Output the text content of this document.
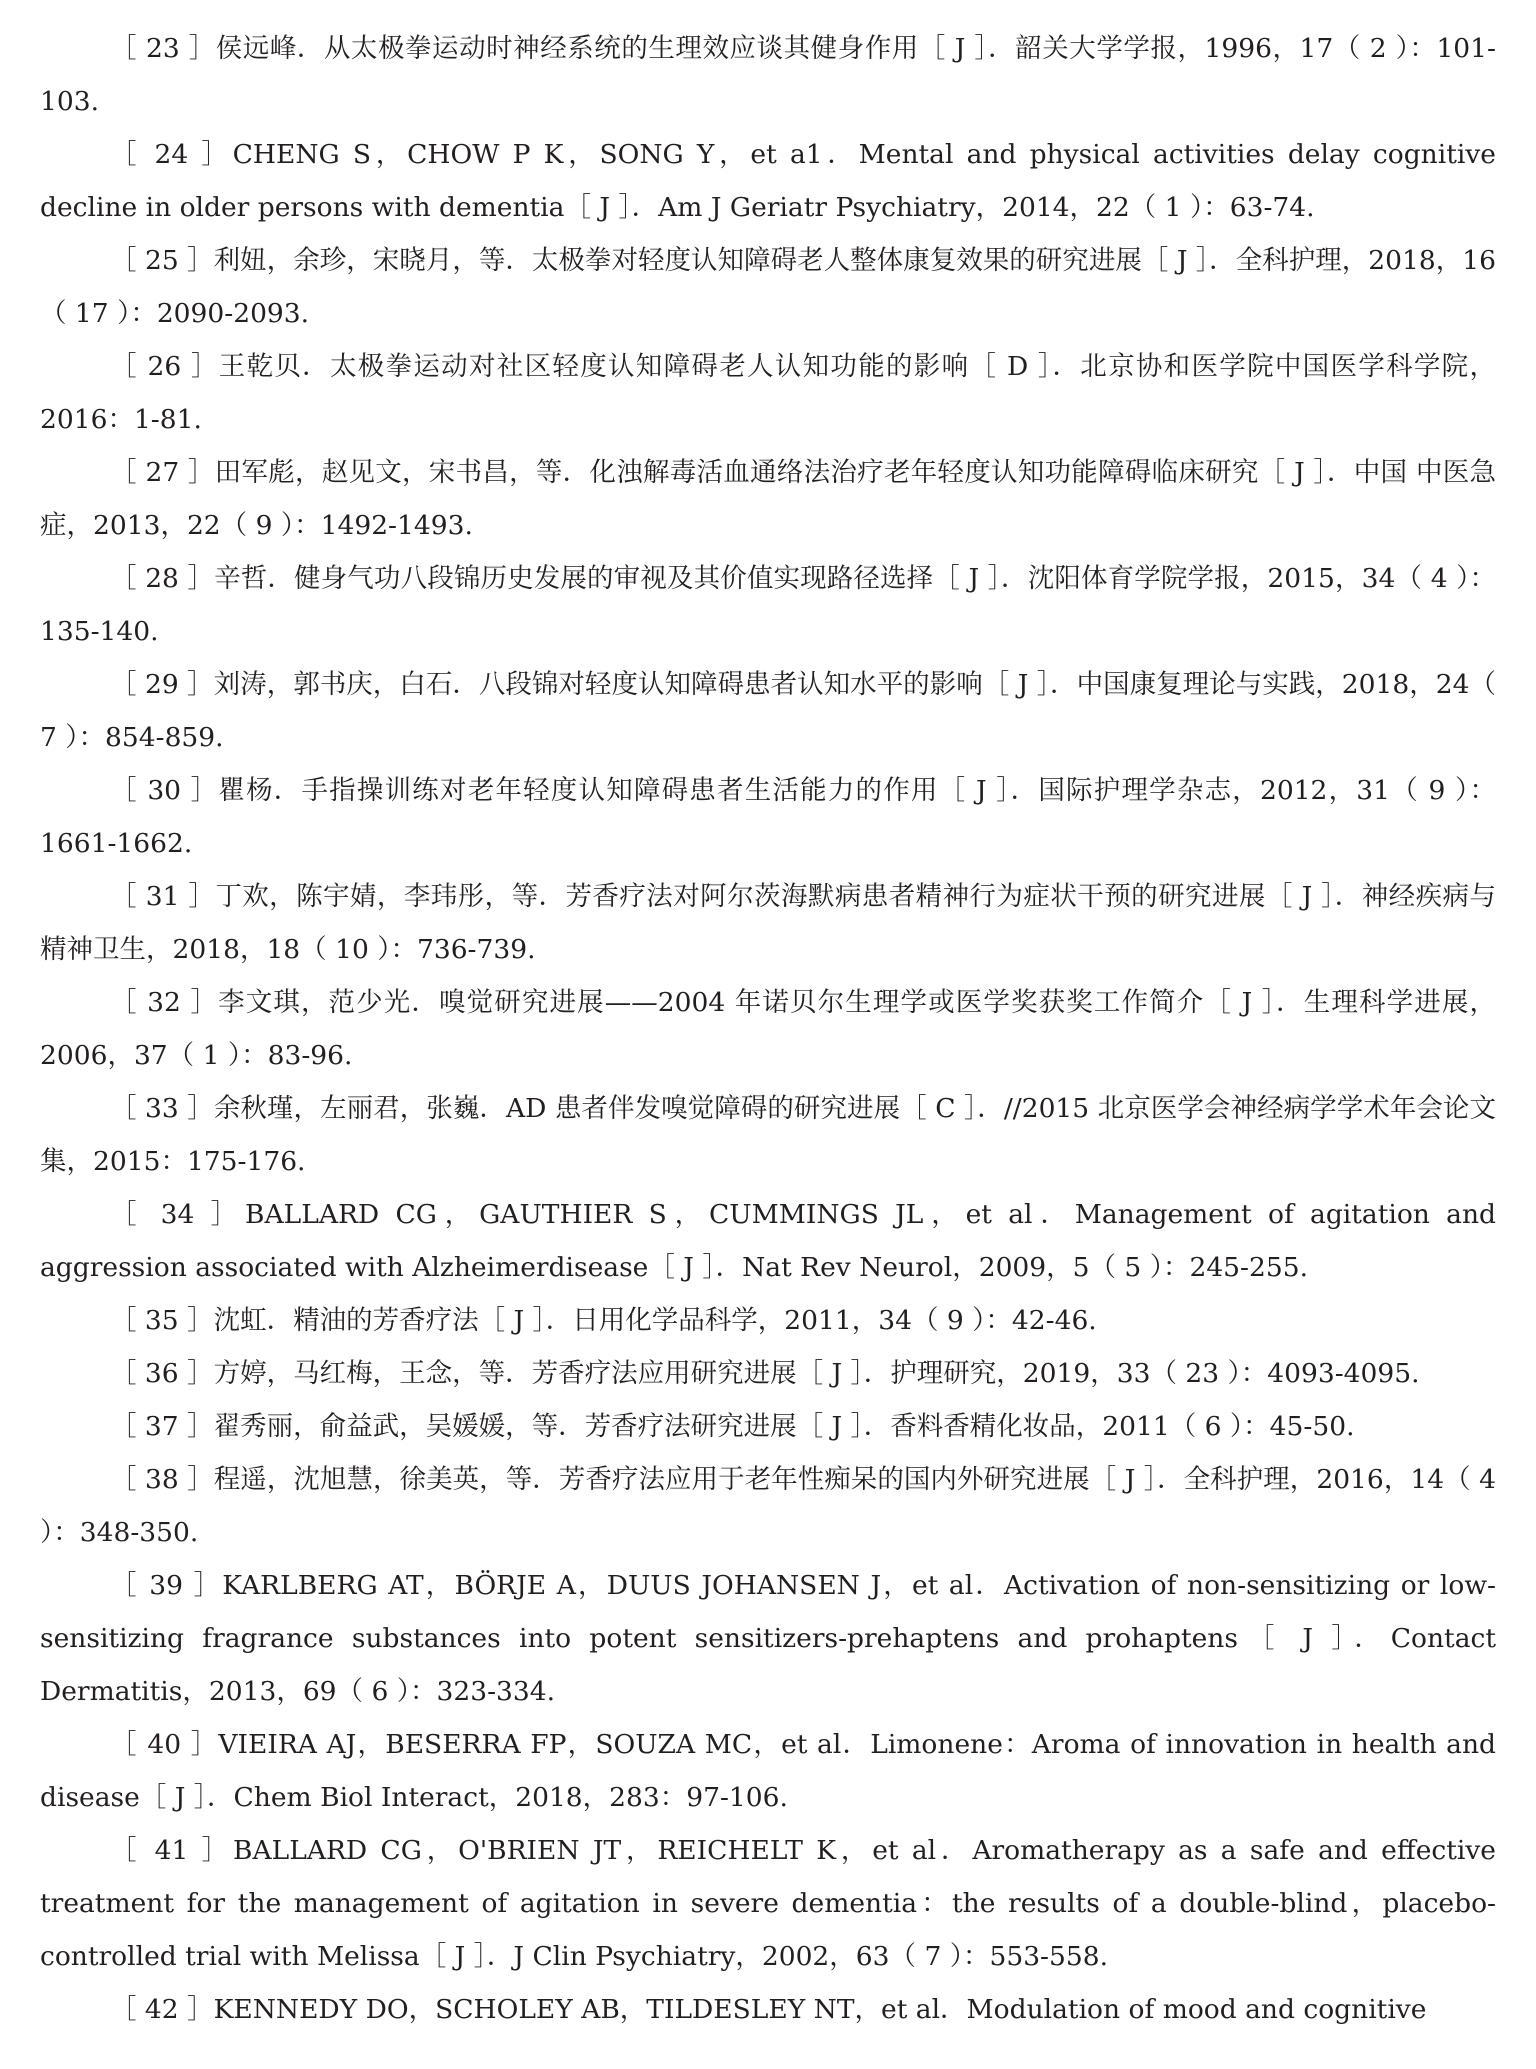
［ 23 ］侯远峰．从太极拳运动时神经系统的生理效应谈其健身作用［ J ］．韶关大学学报，1996，17（ 2 ）：101-103.

［ 24 ］CHENG S，CHOW P K，SONG Y，et a1．Mental and physical activities delay cognitive decline in older persons with dementia［ J ］．Am J Geriatr Psychiatry，2014，22（ 1 ）：63-74.

［ 25 ］利妞，余珍，宋晓月，等．太极拳对轻度认知障碍老人整体康复效果的研究进展［ J ］．全科护理，2018，16（ 17 ）：2090-2093.

［ 26 ］王乾贝．太极拳运动对社区轻度认知障碍老人认知功能的影响［ D ］．北京协和医学院中国医学科学院，2016：1-81.

［ 27 ］田军彪，赵见文，宋书昌，等．化浊解毒活血通络法治疗老年轻度认知功能障碍临床研究［ J ］．中国 中医急症，2013，22（ 9 ）：1492-1493.

［ 28 ］辛哲．健身气功八段锦历史发展的审视及其价值实现路径选择［ J ］．沈阳体育学院学报，2015，34（ 4 ）：135-140.

［ 29 ］刘涛，郭书庆，白石．八段锦对轻度认知障碍患者认知水平的影响［ J ］．中国康复理论与实践，2018，24（ 7 ）：854-859.

［ 30 ］瞿杨．手指操训练对老年轻度认知障碍患者生活能力的作用［ J ］．国际护理学杂志，2012，31（ 9 ）：1661-1662.

［ 31 ］丁欢，陈宇婧，李玮彤，等．芳香疗法对阿尔茨海默病患者精神行为症状干预的研究进展［ J ］．神经疾病与精神卫生，2018，18（ 10 ）：736-739.

［ 32 ］李文琪，范少光．嗅觉研究进展——2004 年诺贝尔生理学或医学奖获奖工作简介［ J ］．生理科学进展，2006，37（ 1 ）：83-96.

［ 33 ］余秋瑾，左丽君，张巍．AD 患者伴发嗅觉障碍的研究进展［ C ］．//2015 北京医学会神经病学学术年会论文集，2015：175-176.

［ 34 ］BALLARD CG，GAUTHIER S，CUMMINGS JL，et al．Management of agitation and aggression associated with Alzheimerdisease［ J ］．Nat Rev Neurol，2009，5（ 5 ）：245-255.

［ 35 ］沈虹．精油的芳香疗法［ J ］．日用化学品科学，2011，34（ 9 ）：42-46.

［ 36 ］方婷，马红梅，王念，等．芳香疗法应用研究进展［ J ］．护理研究，2019，33（ 23 ）：4093-4095.

［ 37 ］翟秀丽，俞益武，吴媛媛，等．芳香疗法研究进展［ J ］．香料香精化妆品，2011（ 6 ）：45-50.

［ 38 ］程遥，沈旭慧，徐美英，等．芳香疗法应用于老年性痴呆的国内外研究进展［ J ］．全科护理，2016，14（ 4 ）：348-350.

［ 39 ］KARLBERG AT，BÖRJE A，DUUS JOHANSEN J，et al．Activation of non-sensitizing or low-sensitizing fragrance substances into potent sensitizers-prehaptens and prohaptens［ J ］．Contact Dermatitis，2013，69（ 6 ）：323-334.

［ 40 ］VIEIRA AJ，BESERRA FP，SOUZA MC，et al．Limonene：Aroma of innovation in health and disease［ J ］．Chem Biol Interact，2018，283：97-106.

［ 41 ］BALLARD CG，O'BRIEN JT，REICHELT K，et al．Aromatherapy as a safe and effective treatment for the management of agitation in severe dementia：the results of a double-blind，placebo-controlled trial with Melissa［ J ］．J Clin Psychiatry，2002，63（ 7 ）：553-558.

［ 42 ］KENNEDY DO，SCHOLEY AB，TILDESLEY NT，et al．Modulation of mood and cognitive
